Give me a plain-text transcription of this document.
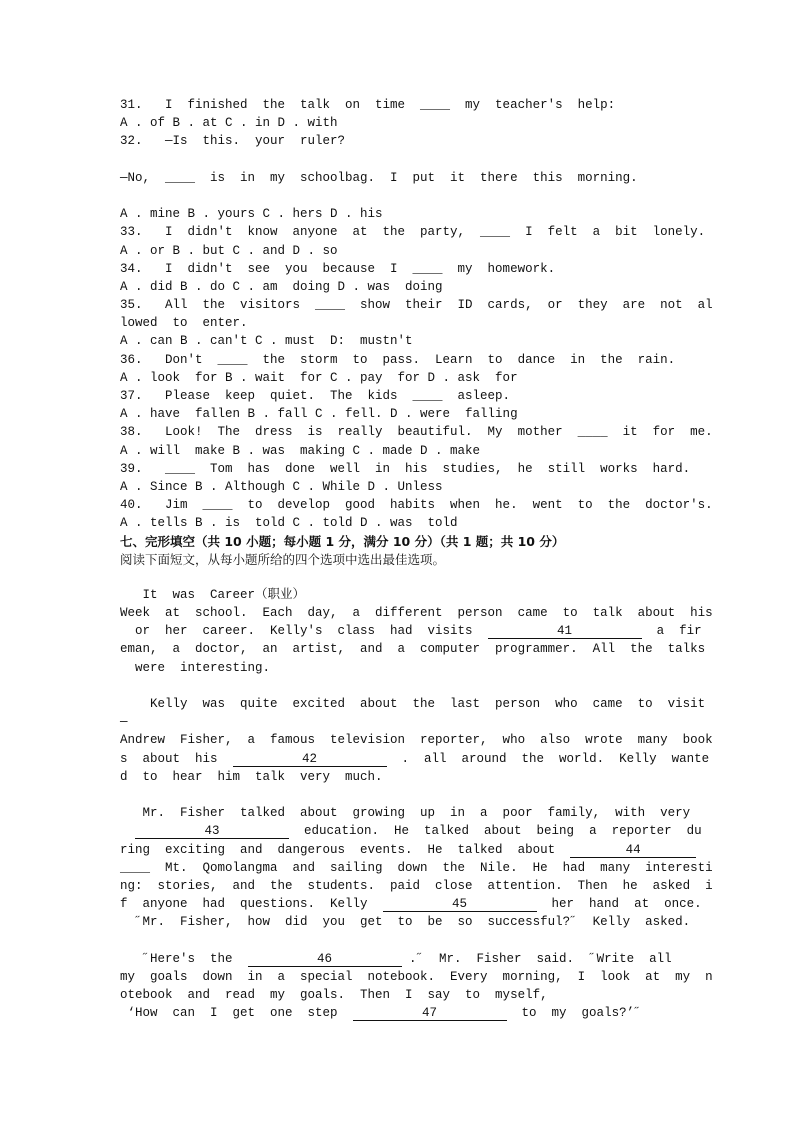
31.   I  finished  the  talk  on  time  ____  my  teacher's  help:
A . of B . at C . in D . with
32.   —Is  this.  your  ruler?
—No,  ____  is  in  my  schoolbag.  I  put  it  there  this  morning.
A . mine B . yours C . hers D . his
33.   I  didn't  know  anyone  at  the  party,  ____  I  felt  a  bit  lonely.
A . or B . but C . and D . so
34.   I  didn't  see  you  because  I  ____  my  homework.
A . did B . do C . am  doing D . was  doing
35.   All  the  visitors  ____  show  their  ID  cards,  or  they  are  not  al
lowed  to  enter.
A . can B . can't C . must  D:  mustn't
36.   Don't  ____  the  storm  to  pass.  Learn  to  dance  in  the  rain.
A . look  for B . wait  for C . pay  for D . ask  for
37.   Please  keep  quiet.  The  kids  ____  asleep.
A . have  fallen B . fall C . fell. D . were  falling
38.   Look!  The  dress  is  really  beautiful.  My  mother  ____  it  for  me.
A . will  make B . was  making C . made D . make
39.   ____  Tom  has  done  well  in  his  studies,  he  still  works  hard.
A . Since B . Although C . While D . Unless
40.   Jim  ____  to  develop  good  habits  when  he.  went  to  the  doctor's.
A . tells B . is  told C . told D . was  told
七、完形填空（共 10 小题；每小题 1 分，满分 10 分）（共 1 题；共 10 分）
阅读下面短文，从每小题所给的四个选项中选出最佳选项。
It  was  Career（职业）
Week  at  school.  Each  day,  a  different  person  came  to  talk  about  his
or  her  career.  Kelly's  class  had  visits	41	a  fir
eman,  a  doctor,  an  artist,  and  a  computer  programmer.  All  the  talks
were  interesting.
Kelly  was  quite  excited  about  the  last  person  who  came  to  visit
—
Andrew  Fisher,  a  famous  television  reporter,  who  also  wrote  many  book
s  about  his	42	.  all  around  the  world.  Kelly  wante
d  to  hear  him  talk  very  much.
Mr.  Fisher  talked  about  growing  up  in  a  poor  family,  with  very
43	education.  He  talked  about  being  a  reporter  du
ring  exciting  and  dangerous  events.  He  talked  about	44
____  Mt.  Qomolangma  and  sailing  down  the  Nile.  He  had  many  interesti
ng:  stories,  and  the  students.  paid  close  attention.  Then  he  asked  i
f  anyone  had  questions.  Kelly	45	her  hand  at  once.
˝Mr.  Fisher,  how  did  you  get  to  be  so  successful?˝  Kelly  asked.
˝Here's  the	46	.˝  Mr.  Fisher  said.  ˝Write  all
my  goals  down  in  a  special  notebook.  Every  morning,  I  look  at  my  n
otebook  and  read  my  goals.  Then  I  say  to  myself,
‘How  can  I  get  one  step	47	to  my  goals?’˝
